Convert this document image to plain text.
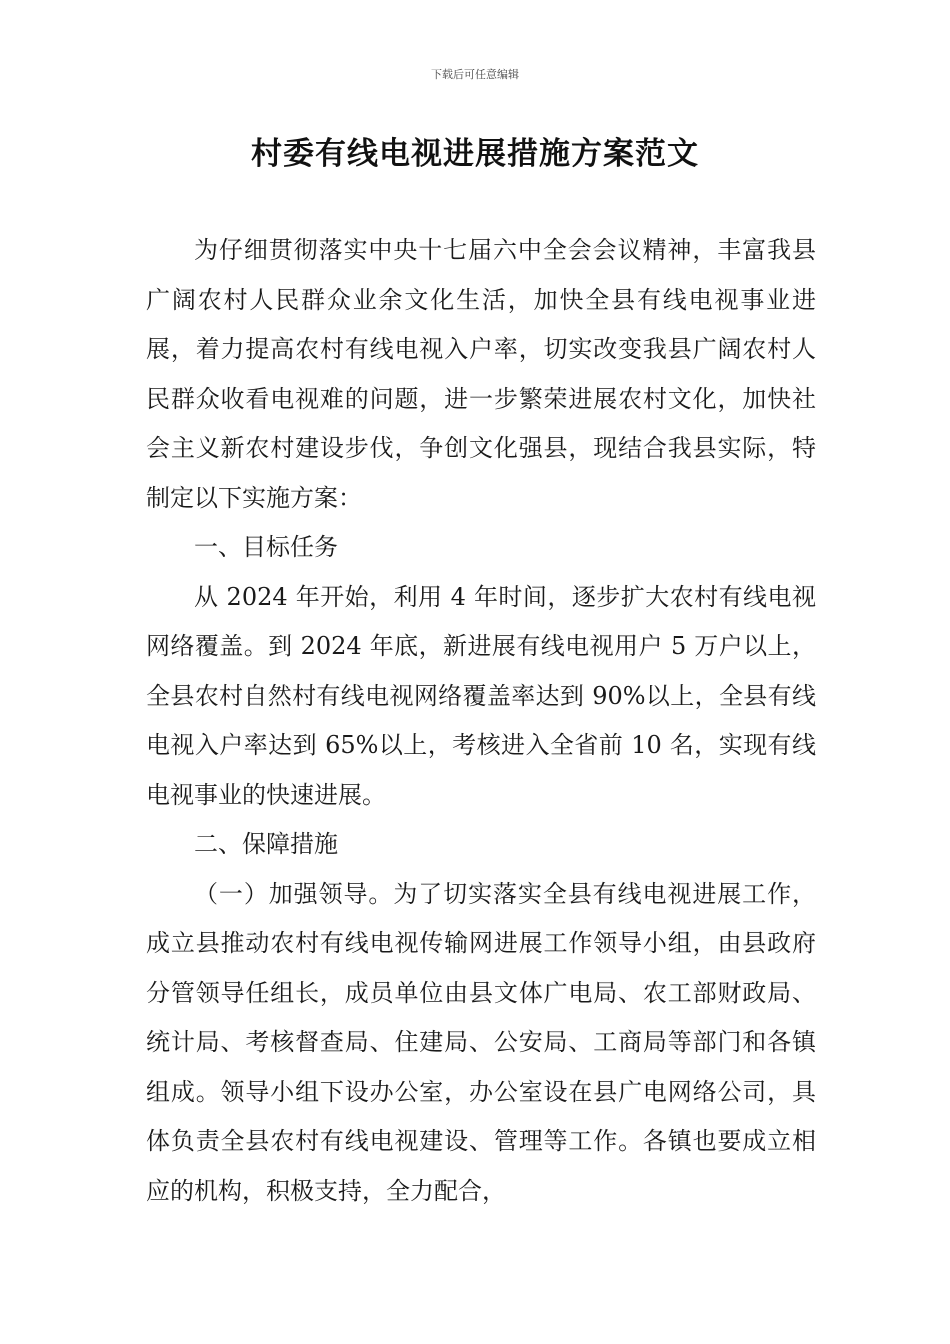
下载后可任意编辑
村委有线电视进展措施方案范文

为仔细贯彻落实中央十七届六中全会会议精神，丰富我县广阔农村人民群众业余文化生活，加快全县有线电视事业进展，着力提高农村有线电视入户率，切实改变我县广阔农村人民群众收看电视难的问题，进一步繁荣进展农村文化，加快社会主义新农村建设步伐，争创文化强县，现结合我县实际，特制定以下实施方案：

一、目标任务

从 2024 年开始，利用 4 年时间，逐步扩大农村有线电视网络覆盖。到 2024 年底，新进展有线电视用户 5 万户以上，全县农村自然村有线电视网络覆盖率达到 90%以上，全县有线电视入户率达到 65%以上，考核进入全省前 10 名，实现有线电视事业的快速进展。

二、保障措施

（一）加强领导。为了切实落实全县有线电视进展工作，成立县推动农村有线电视传输网进展工作领导小组，由县政府分管领导任组长，成员单位由县文体广电局、农工部财政局、统计局、考核督查局、住建局、公安局、工商局等部门和各镇组成。领导小组下设办公室，办公室设在县广电网络公司，具体负责全县农村有线电视建设、管理等工作。各镇也要成立相应的机构，积极支持，全力配合，
